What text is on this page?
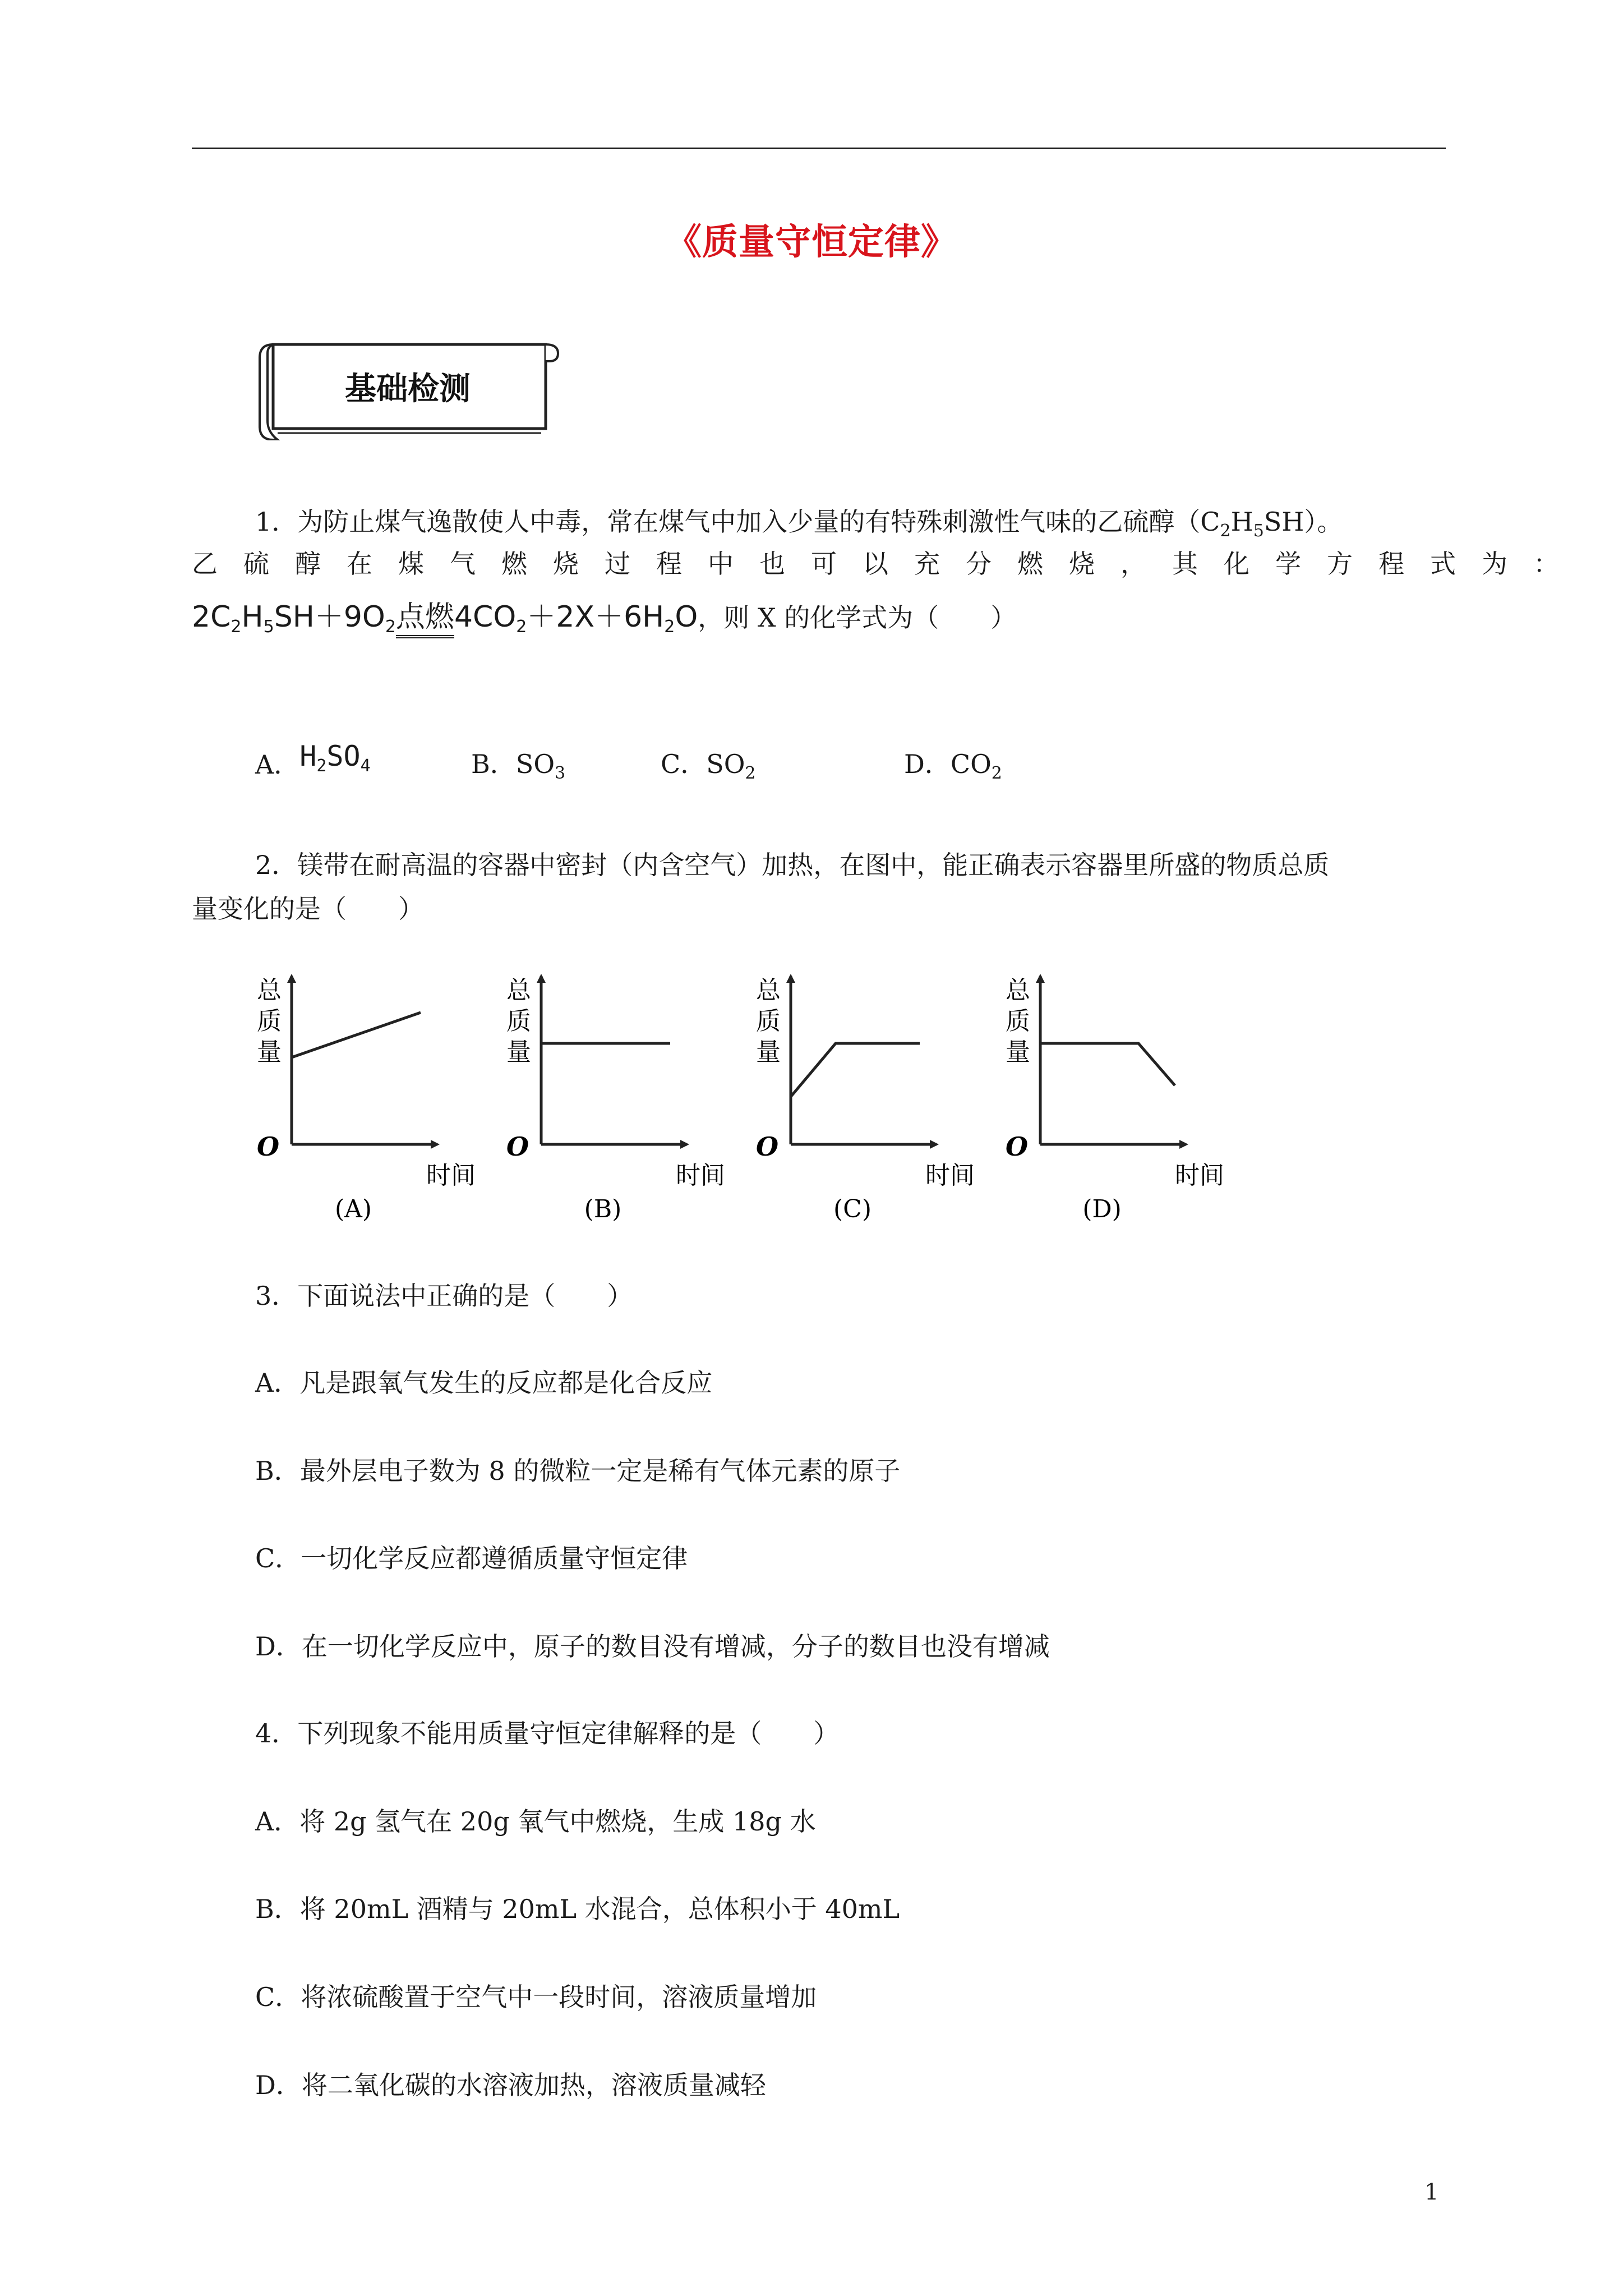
《质量守恒定律》
基础检测
1．为防止煤气逸散使人中毒，常在煤气中加入少量的有特殊刺激性气味的乙硫醇$(C_2H_5SH)$。
乙硫醇在煤气燃烧过程中也可以充分燃烧，其化学方程式为：
$2C_2H_5SH+9O_2$点燃$4CO_2+2X+6H_2O$，则 X 的化学式为（　　）
A．$H_2SO_4$	B．$SO_3$	C．$SO_2$	D．$CO_2$
2．镁带在耐高温的容器中密封（内含空气）加热，在图中，能正确表示容器里所盛的物质总质
量变化的是（　　）
总
质
量
O
时间
(A)
总
质
量
O
时间
(B)
总
质
量
O
时间
(C)
总
质
量
O
时间
(D)
3．下面说法中正确的是（　　）
A．凡是跟氧气发生的反应都是化合反应
B．最外层电子数为 8 的微粒一定是稀有气体元素的原子
C．一切化学反应都遵循质量守恒定律
D．在一切化学反应中，原子的数目没有增减，分子的数目也没有增减
4．下列现象不能用质量守恒定律解释的是（　　）
A．将 2g 氢气在 20g 氧气中燃烧，生成 18g 水
B．将 20mL 酒精与 20mL 水混合，总体积小于 40mL
C．将浓硫酸置于空气中一段时间，溶液质量增加
D．将二氧化碳的水溶液加热，溶液质量减轻
1
